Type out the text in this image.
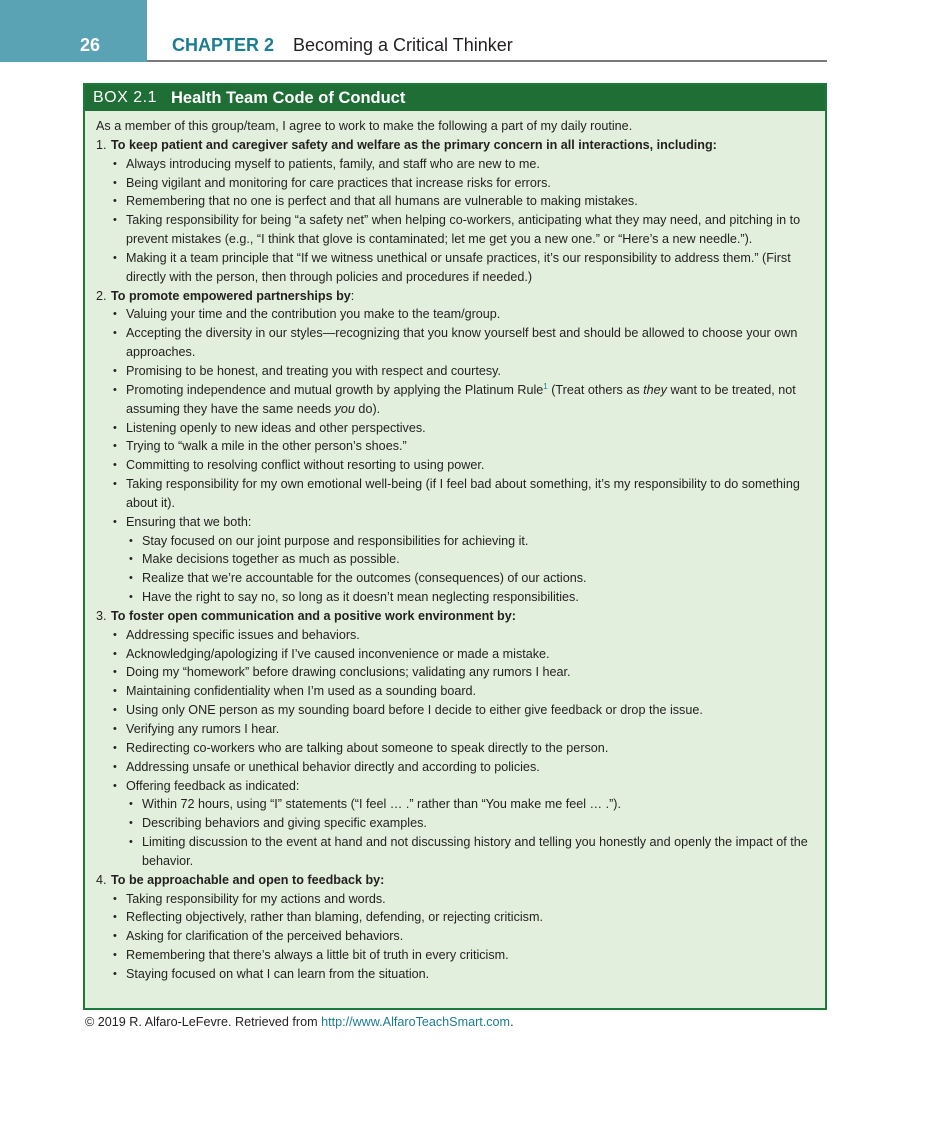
26	CHAPTER 2 Becoming a Critical Thinker
BOX 2.1 Health Team Code of Conduct
As a member of this group/team, I agree to work to make the following a part of my daily routine.
1. To keep patient and caregiver safety and welfare as the primary concern in all interactions, including:
• Always introducing myself to patients, family, and staff who are new to me.
• Being vigilant and monitoring for care practices that increase risks for errors.
• Remembering that no one is perfect and that all humans are vulnerable to making mistakes.
• Taking responsibility for being “a safety net” when helping co-workers, anticipating what they may need, and pitching in to prevent mistakes (e.g., “I think that glove is contaminated; let me get you a new one.” or “Here’s a new needle.”).
• Making it a team principle that “If we witness unethical or unsafe practices, it’s our responsibility to address them.” (First directly with the person, then through policies and procedures if needed.)
2. To promote empowered partnerships by:
• Valuing your time and the contribution you make to the team/group.
• Accepting the diversity in our styles—recognizing that you know yourself best and should be allowed to choose your own approaches.
• Promising to be honest, and treating you with respect and courtesy.
• Promoting independence and mutual growth by applying the Platinum Rule$^1$ (Treat others as they want to be treated, not assuming they have the same needs you do).
• Listening openly to new ideas and other perspectives.
• Trying to “walk a mile in the other person’s shoes.”
• Committing to resolving conflict without resorting to using power.
• Taking responsibility for my own emotional well-being (if I feel bad about something, it’s my responsibility to do something about it).
• Ensuring that we both:
• Stay focused on our joint purpose and responsibilities for achieving it.
• Make decisions together as much as possible.
• Realize that we’re accountable for the outcomes (consequences) of our actions.
• Have the right to say no, so long as it doesn’t mean neglecting responsibilities.
3. To foster open communication and a positive work environment by:
• Addressing specific issues and behaviors.
• Acknowledging/apologizing if I’ve caused inconvenience or made a mistake.
• Doing my “homework” before drawing conclusions; validating any rumors I hear.
• Maintaining confidentiality when I’m used as a sounding board.
• Using only ONE person as my sounding board before I decide to either give feedback or drop the issue.
• Verifying any rumors I hear.
• Redirecting co-workers who are talking about someone to speak directly to the person.
• Addressing unsafe or unethical behavior directly and according to policies.
• Offering feedback as indicated:
• Within 72 hours, using “I” statements (“I feel … .” rather than “You make me feel … .”).
• Describing behaviors and giving specific examples.
• Limiting discussion to the event at hand and not discussing history and telling you honestly and openly the impact of the behavior.
4. To be approachable and open to feedback by:
• Taking responsibility for my actions and words.
• Reflecting objectively, rather than blaming, defending, or rejecting criticism.
• Asking for clarification of the perceived behaviors.
• Remembering that there’s always a little bit of truth in every criticism.
• Staying focused on what I can learn from the situation.
© 2019 R. Alfaro-LeFevre. Retrieved from http://www.AlfaroTeachSmart.com.
